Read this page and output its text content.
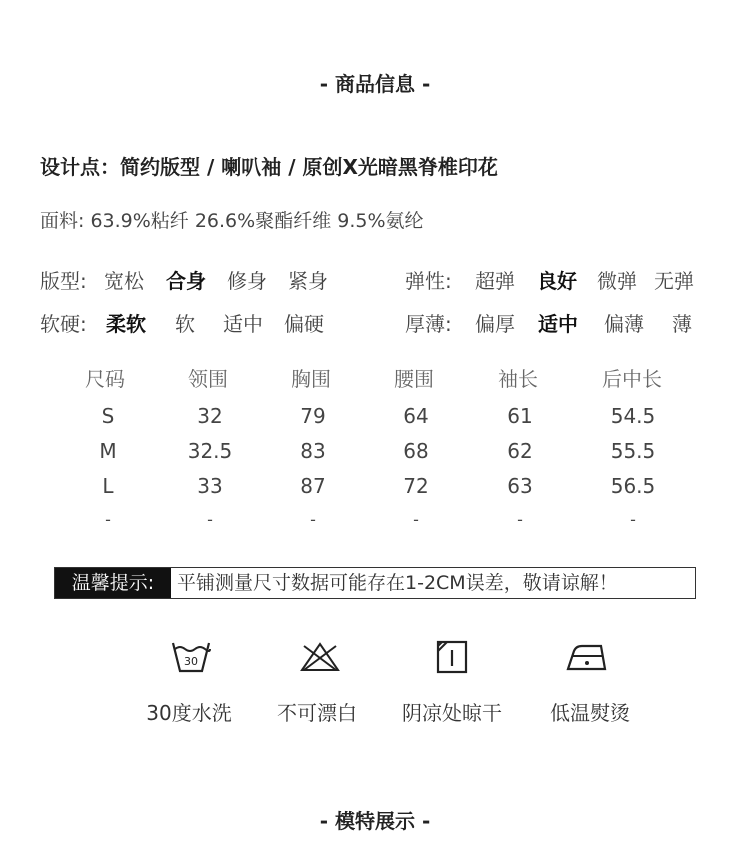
- 商品信息 -
设计点：简约版型 / 喇叭袖 / 原创X光暗黑脊椎印花
面料: 63.9%粘纤 26.6%聚酯纤维 9.5%氨纶
版型: 宽松 合身 修身 紧身	弹性: 超弹 良好 微弹 无弹
软硬: 柔软 软 适中 偏硬	厚薄: 偏厚 适中 偏薄 薄
尺码	领围	胸围	腰围	袖长	后中长
S	32	79	64	61	54.5
M	32.5	83	68	62	55.5
L	33	87	72	63	56.5
-	-	-	-	-	-
温馨提示:	平铺测量尺寸数据可能存在1-2CM误差，敬请谅解！
30
30度水洗 不可漂白 阴凉处晾干 低温熨烫
- 模特展示 -
